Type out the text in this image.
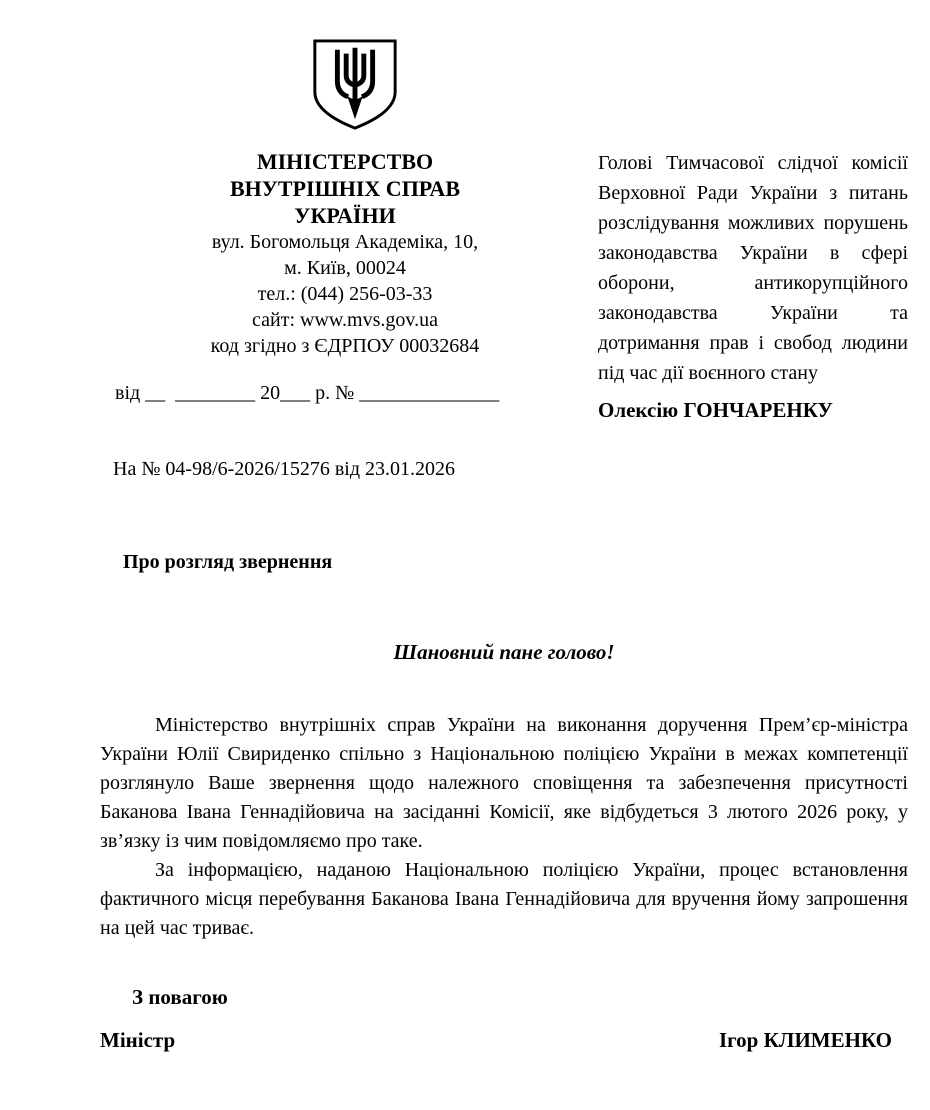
МІНІСТЕРСТВО
ВНУТРІШНІХ СПРАВ
УКРАЇНИ
вул. Богомольця Академіка, 10,
м. Київ, 00024
тел.: (044) 256-03-33
сайт: www.mvs.gov.ua
код згідно з ЄДРПОУ 00032684
від __  ________ 20___ р. № ______________
На № 04-98/6-2026/15276 від 23.01.2026

Голові Тимчасової слідчої комісії Верховної Ради України з питань розслідування можливих порушень законодавства України в сфері оборони, антикорупційного законодавства України та дотримання прав і свобод людини під час дії воєнного стану

Олексію ГОНЧАРЕНКУ

Про розгляд звернення
Шановний пане голово!

Міністерство внутрішніх справ України на виконання доручення Прем’єр-міністра України Юлії Свириденко спільно з Національною поліцією України в межах компетенції розглянуло Ваше звернення щодо належного сповіщення та забезпечення присутності Баканова Івана Геннадійовича на засіданні Комісії, яке відбудеться 3 лютого 2026 року, у зв’язку із чим повідомляємо про таке.

За інформацією, наданою Національною поліцією України, процес встановлення фактичного місця перебування Баканова Івана Геннадійовича для вручення йому запрошення на цей час триває.

З повагою
Міністр	Ігор КЛИМЕНКО
